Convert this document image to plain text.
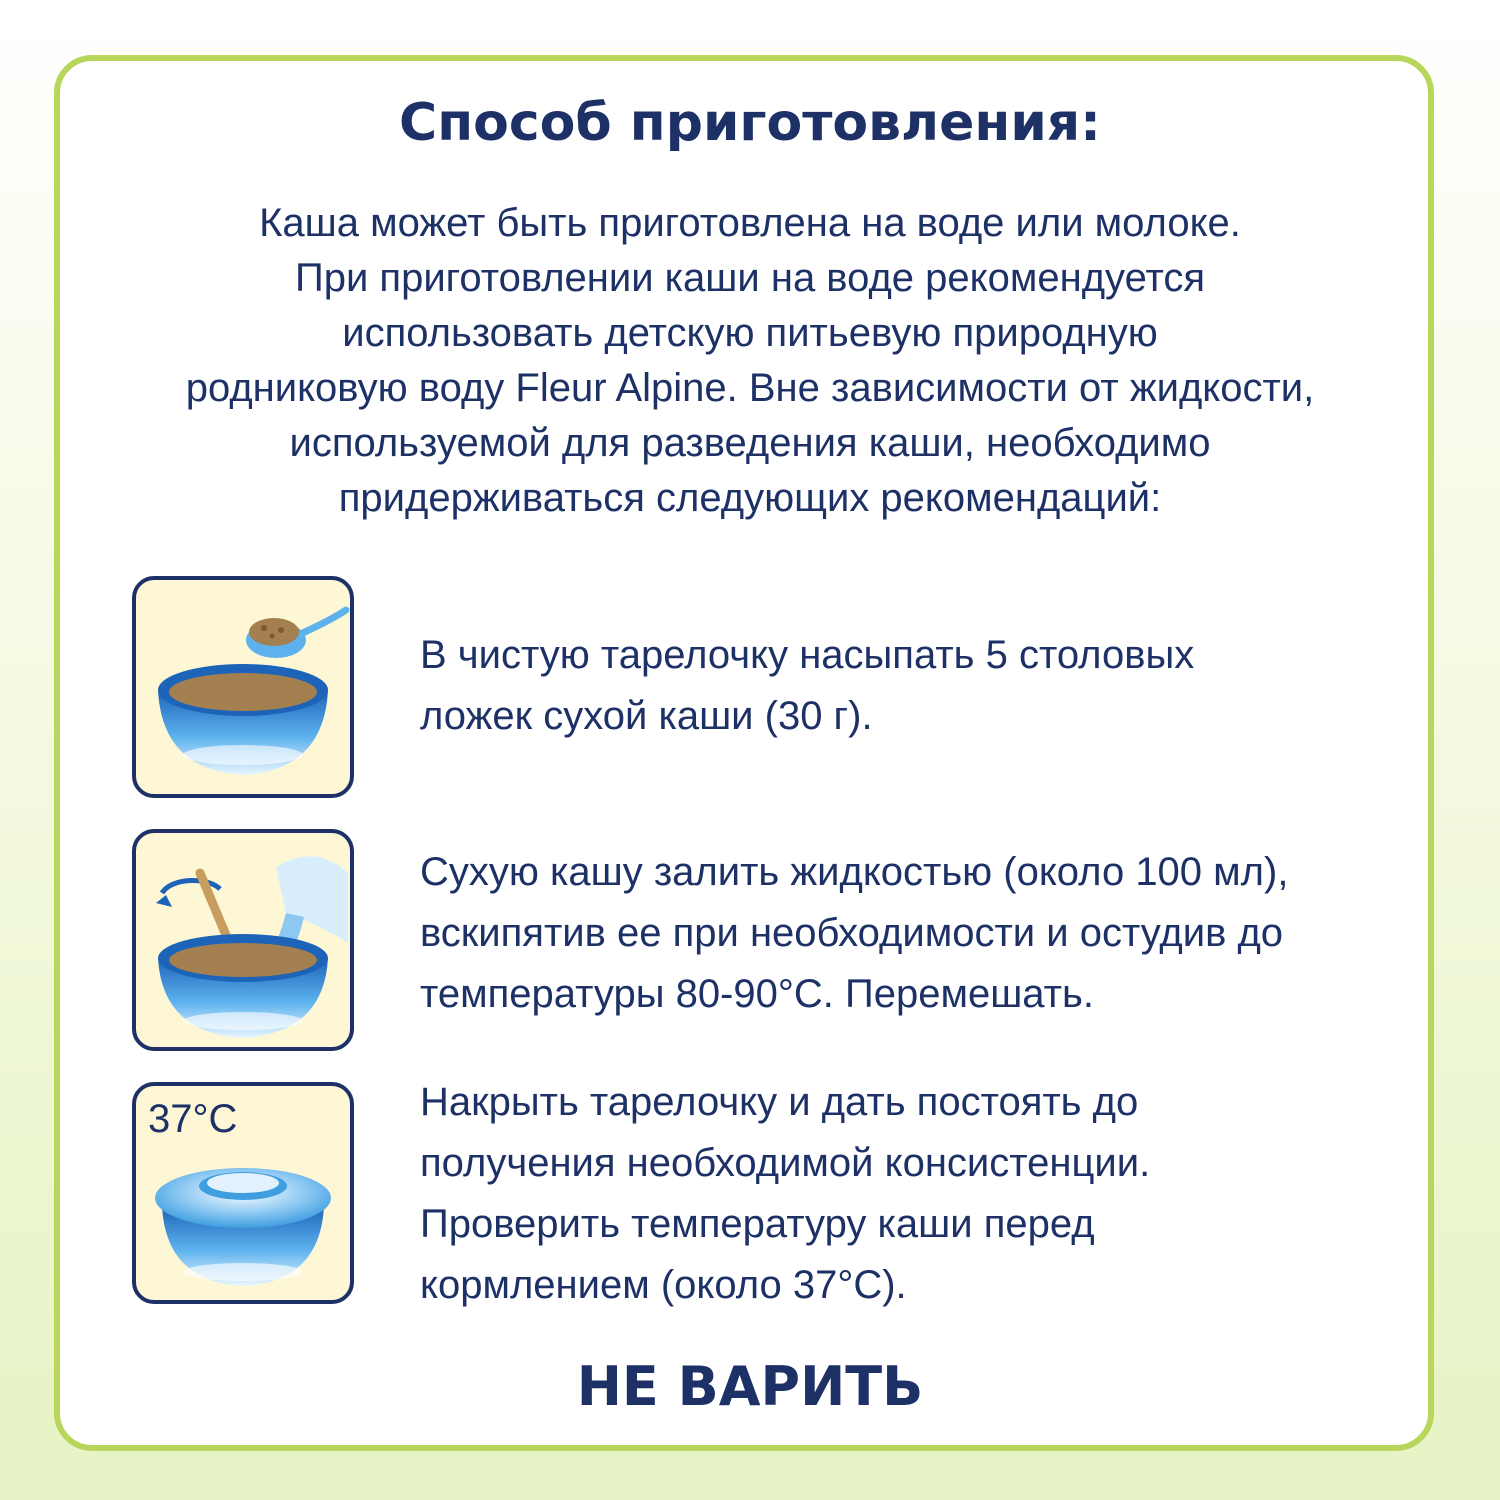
Способ приготовления:
Каша может быть приготовлена на воде или молоке.
При приготовлении каши на воде рекомендуется
использовать детскую питьевую природную
родниковую воду Fleur Alpine. Вне зависимости от жидкости,
используемой для разведения каши, необходимо
придерживаться следующих рекомендаций:
В чистую тарелочку насыпать 5 столовых
ложек сухой каши (30 г).
Сухую кашу залить жидкостью (около 100 мл),
вскипятив ее при необходимости и остудив до
температуры 80-90°C. Перемешать.
37°C	Накрыть тарелочку и дать постоять до
получения необходимой консистенции.
Проверить температуру каши перед
кормлением (около 37°C).
НЕ ВАРИТЬ
